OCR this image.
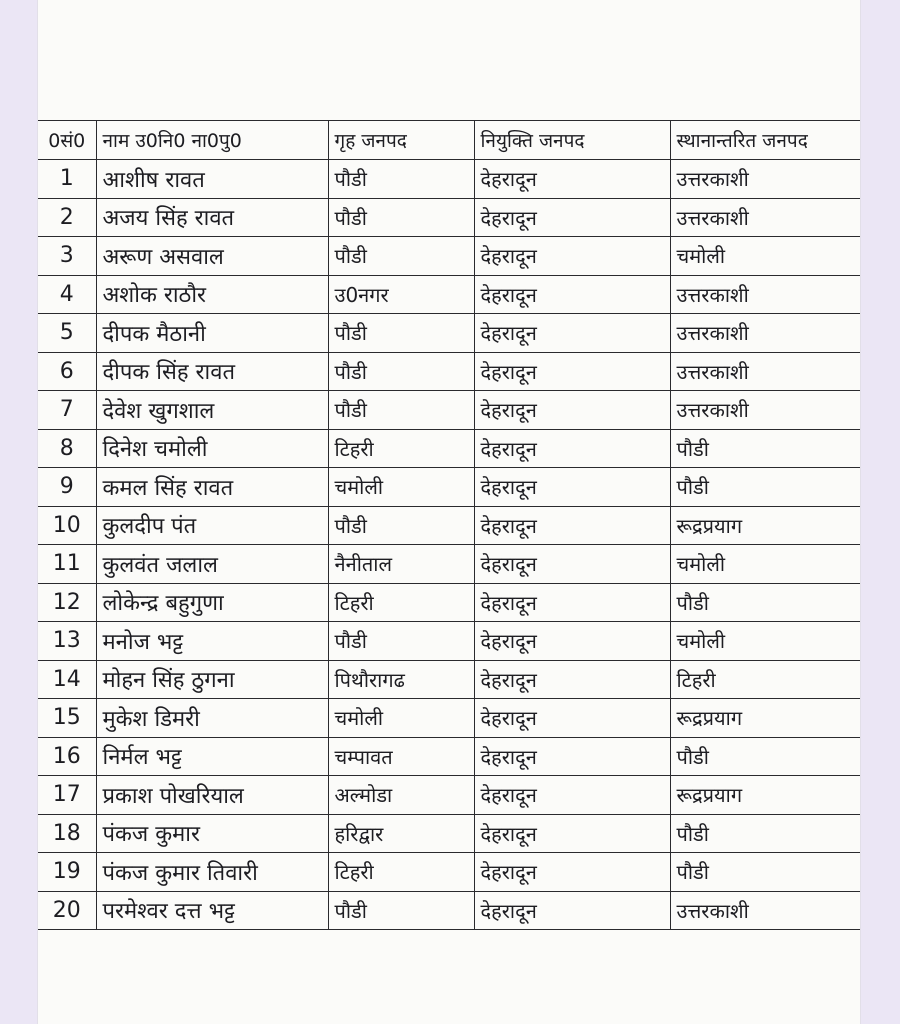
0सं0	नाम उ0नि0 ना0पु0	गृह जनपद	नियुक्ति जनपद	स्थानान्तरित जनपद
1	आशीष रावत	पौडी	देहरादून	उत्तरकाशी
2	अजय सिंह रावत	पौडी	देहरादून	उत्तरकाशी
3	अरूण असवाल	पौडी	देहरादून	चमोली
4	अशोक राठौर	उ0नगर	देहरादून	उत्तरकाशी
5	दीपक मैठानी	पौडी	देहरादून	उत्तरकाशी
6	दीपक सिंह रावत	पौडी	देहरादून	उत्तरकाशी
7	देवेश खुगशाल	पौडी	देहरादून	उत्तरकाशी
8	दिनेश चमोली	टिहरी	देहरादून	पौडी
9	कमल सिंह रावत	चमोली	देहरादून	पौडी
10	कुलदीप पंत	पौडी	देहरादून	रूद्रप्रयाग
11	कुलवंत जलाल	नैनीताल	देहरादून	चमोली
12	लोकेन्द्र बहुगुणा	टिहरी	देहरादून	पौडी
13	मनोज भट्ट	पौडी	देहरादून	चमोली
14	मोहन सिंह ठुगना	पिथौरागढ	देहरादून	टिहरी
15	मुकेश डिमरी	चमोली	देहरादून	रूद्रप्रयाग
16	निर्मल भट्ट	चम्पावत	देहरादून	पौडी
17	प्रकाश पोखरियाल	अल्मोडा	देहरादून	रूद्रप्रयाग
18	पंकज कुमार	हरिद्वार	देहरादून	पौडी
19	पंकज कुमार तिवारी	टिहरी	देहरादून	पौडी
20	परमेश्वर दत्त भट्ट	पौडी	देहरादून	उत्तरकाशी
